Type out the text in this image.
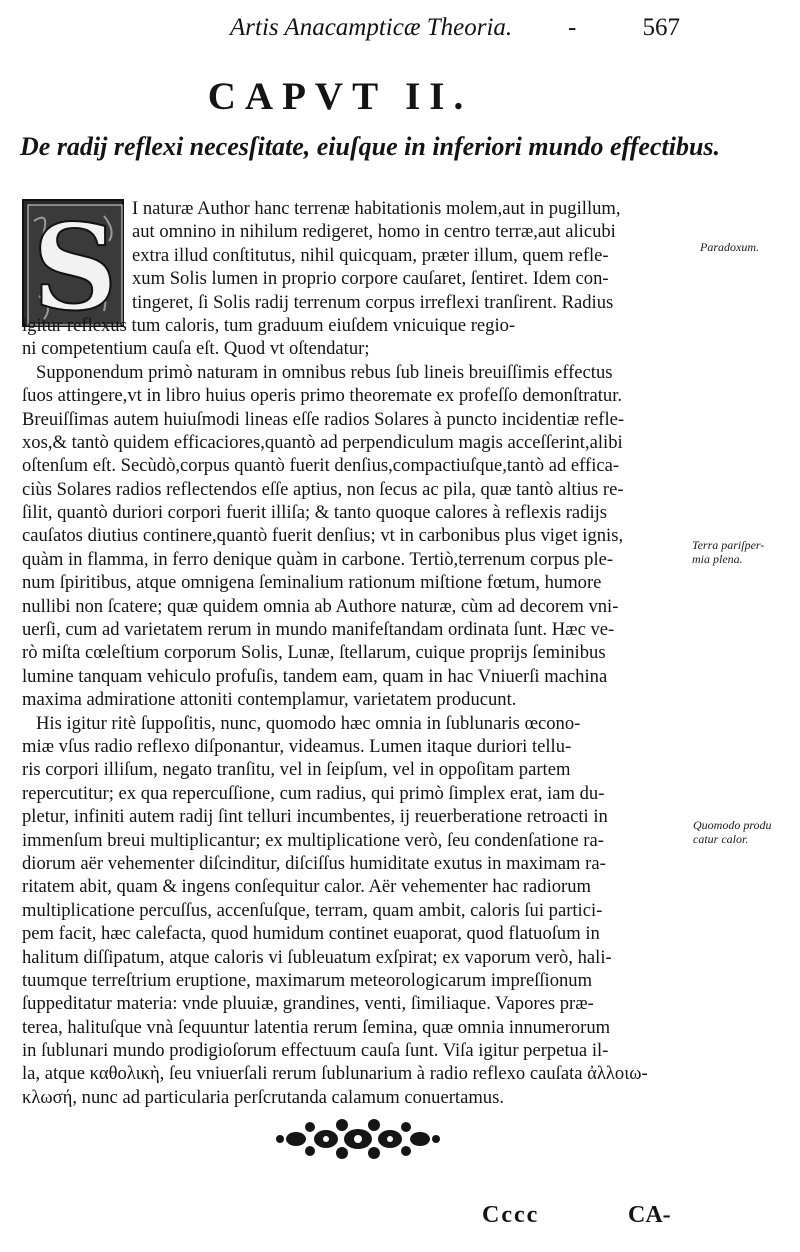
Artis Anacampticæ Theoria. -	567
CAPVT II.
De radij reflexi necesſitate, eiuſque in inferiori mundo effectibus.
S I naturæ Author hanc terrenæ habitationis molem,aut in pugillum,
aut omnino in nihilum redigeret, homo in centro terræ,aut alicubi
extra illud conſtitutus, nihil quicquam, præter illum, quem refle-
xum Solis lumen in proprio corpore cauſaret, ſentiret. Idem con-
tingeret, ſi Solis radij terrenum corpus irreflexi tranſirent. Radius
igitur reflexus tum caloris, tum graduum eiuſdem vnicuique regio-
ni competentium cauſa eſt. Quod vt oſtendatur;
Supponendum primò naturam in omnibus rebus ſub lineis breuiſſimis effectus
ſuos attingere,vt in libro huius operis primo theoremate ex profeſſo demonſtratur.
Breuiſſimas autem huiuſmodi lineas eſſe radios Solares à puncto incidentiæ refle-
xos,& tantò quidem efficaciores,quantò ad perpendiculum magis acceſſerint,alibi
oſtenſum eſt. Secùdò,corpus quantò fuerit denſius,compactiuſque,tantò ad effica-
ciùs Solares radios reflectendos eſſe aptius, non ſecus ac pila, quæ tantò altius re-
ſilit, quantò duriori corpori fuerit illiſa; & tanto quoque calores à reflexis radijs
cauſatos diutius continere,quantò fuerit denſius; vt in carbonibus plus viget ignis,
quàm in flamma, in ferro denique quàm in carbone. Tertiò,terrenum corpus ple-
num ſpiritibus, atque omnigena ſeminalium rationum miſtione fœtum, humore
nullibi non ſcatere; quæ quidem omnia ab Authore naturæ, cùm ad decorem vni-
uerſi, cum ad varietatem rerum in mundo manifeſtandam ordinata ſunt. Hæc ve-
rò miſta cœleſtium corporum Solis, Lunæ, ſtellarum, cuique proprijs ſeminibus
lumine tanquam vehiculo profuſis, tandem eam, quam in hac Vniuerſi machina
maxima admiratione attoniti contemplamur, varietatem producunt.
His igitur ritè ſuppoſitis, nunc, quomodo hæc omnia in ſublunaris œcono-
miæ vſus radio reflexo diſponantur, videamus. Lumen itaque duriori tellu-
ris corpori illiſum, negato tranſitu, vel in ſeipſum, vel in oppoſitam partem
repercutitur; ex qua repercuſſione, cum radius, qui primò ſimplex erat, iam du-
pletur, infiniti autem radij ſint telluri incumbentes, ij reuerberatione retroacti in
immenſum breui multiplicantur; ex multiplicatione verò, ſeu condenſatione ra-
diorum aër vehementer diſcinditur, diſciſſus humiditate exutus in maximam ra-
ritatem abit, quam & ingens conſequitur calor. Aër vehementer hac radiorum
multiplicatione percuſſus, accenſuſque, terram, quam ambit, caloris ſui partici-
pem facit, hæc calefacta, quod humidum continet euaporat, quod flatuoſum in
halitum diſſipatum, atque caloris vi ſubleuatum exſpirat; ex vaporum verò, hali-
tuumque terreſtrium eruptione, maximarum meteorologicarum impreſſionum
ſuppeditatur materia: vnde pluuiæ, grandines, venti, ſimiliaque. Vapores præ-
terea, halituſque vnà ſequuntur latentia rerum ſemina, quæ omnia innumerorum
in ſublunari mundo prodigioſorum effectuum cauſa ſunt. Viſa igitur perpetua il-
la, atque καθολικὴ, ſeu vniuerſali rerum ſublunarium à radio reflexo cauſata ἀλλοιω-
κλωσή, nunc ad particularia perſcrutanda calamum conuertamus.
Paradoxum.
Terra pariſper-
mia plena.
Quomodo produ
catur calor.
Cccc	CA-
